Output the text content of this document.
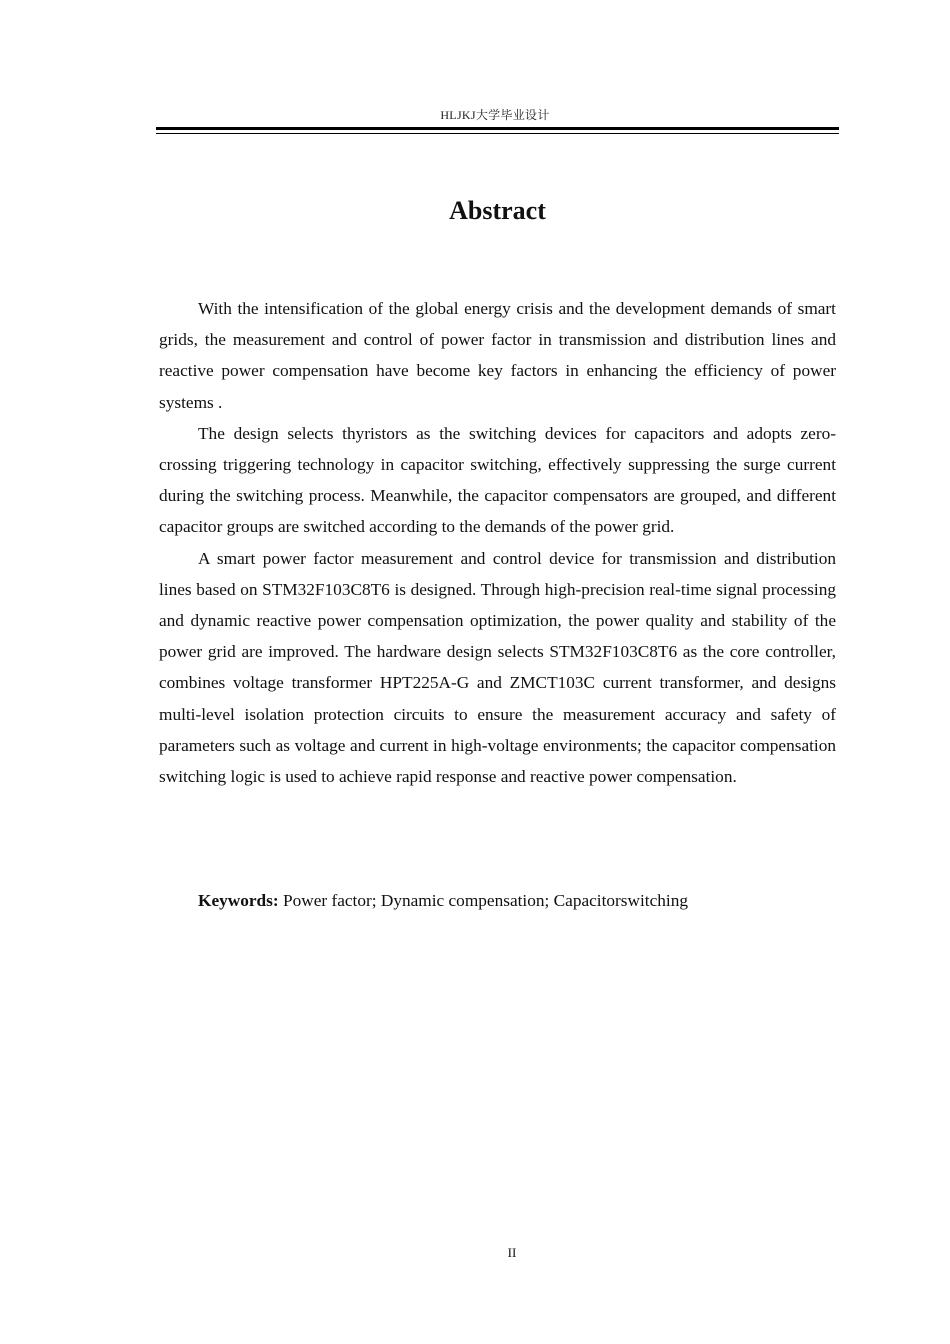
HLJKJ大学毕业设计
Abstract

With the intensification of the global energy crisis and the development demands of smart grids, the measurement and control of power factor in transmission and distribution lines and reactive power compensation have become key factors in enhancing the efficiency of power systems .

The design selects thyristors as the switching devices for capacitors and adopts zero-crossing triggering technology in capacitor switching, effectively suppressing the surge current during the switching process. Meanwhile, the capacitor compensators are grouped, and different capacitor groups are switched according to the demands of the power grid.

A smart power factor measurement and control device for transmission and distribution lines based on STM32F103C8T6 is designed. Through high-precision real-time signal processing and dynamic reactive power compensation optimization, the power quality and stability of the power grid are improved. The hardware design selects STM32F103C8T6 as the core controller, combines voltage transformer HPT225A-G and ZMCT103C current transformer, and designs multi-level isolation protection circuits to ensure the measurement accuracy and safety of parameters such as voltage and current in high-voltage environments; the capacitor compensation switching logic is used to achieve rapid response and reactive power compensation.

Keywords: Power factor; Dynamic compensation; Capacitorswitching
II
